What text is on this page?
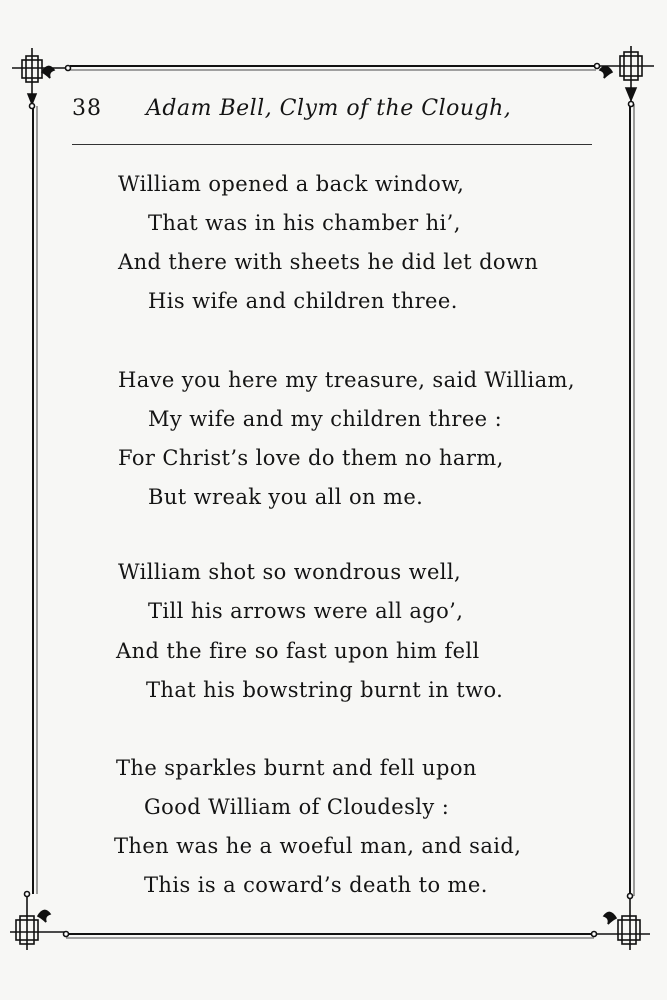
38 Adam Bell, Clym of the Clough,
William opened a back window,
That was in his chamber hi’,
And there with sheets he did let down
His wife and children three.
Have you here my treasure, said William,
My wife and my children three :
For Christ’s love do them no harm,
But wreak you all on me.
William shot so wondrous well,
Till his arrows were all ago’,
And the fire so fast upon him fell
That his bowstring burnt in two.
The sparkles burnt and fell upon
Good William of Cloudesly :
Then was he a woeful man, and said,
This is a coward’s death to me.
